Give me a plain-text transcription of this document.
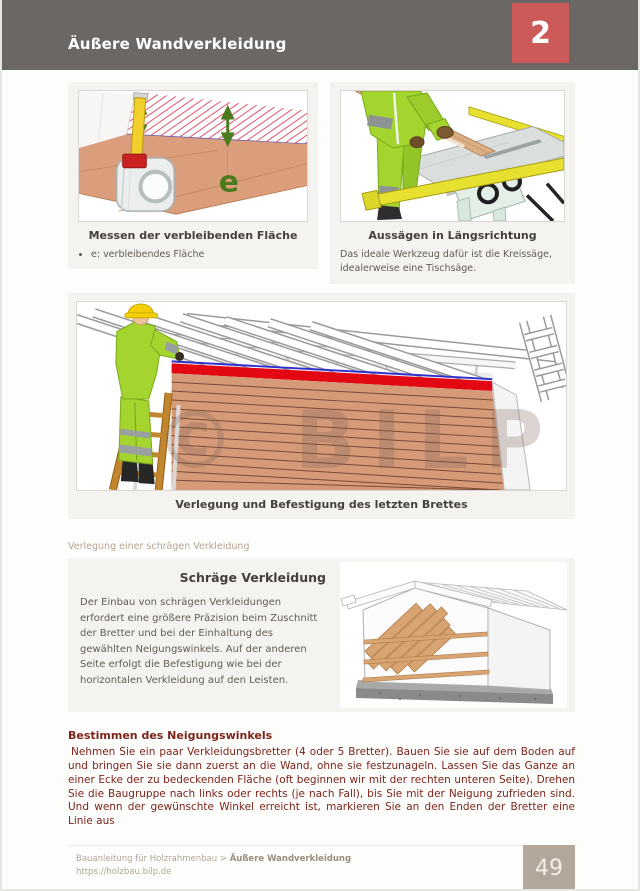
Äußere Wandverkleidung	2
e
Messen der verbleibenden Fläche
• e: verbleibendes Fläche
Aussägen in Längsrichtung

Das ideale Werkzeug dafür ist die Kreissäge, idealerweise eine Tischsäge.

© BILP
Verlegung und Befestigung des letzten Brettes

Verlegung einer schrägen Verkleidung

Schräge Verkleidung

Der Einbau von schrägen Verkleidungen erfordert eine größere Präzision beim Zuschnitt der Bretter und bei der Einhaltung des gewählten Neigungswinkels. Auf der anderen Seite erfolgt die Befestigung wie bei der horizontalen Verkleidung auf den Leisten.

Bestimmen des Neigungswinkels

Nehmen Sie ein paar Verkleidungsbretter (4 oder 5 Bretter). Bauen Sie sie auf dem Boden auf und bringen Sie sie dann zuerst an die Wand, ohne sie festzunageln. Lassen Sie das Ganze an einer Ecke der zu bedeckenden Fläche (oft beginnen wir mit der rechten unteren Seite). Drehen Sie die Baugruppe nach links oder rechts (je nach Fall), bis Sie mit der Neigung zufrieden sind. Und wenn der gewünschte Winkel erreicht ist, markieren Sie an den Enden der Bretter eine Linie aus

Bauanleitung für Holzrahmenbau > Äußere Wandverkleidung
https://holzbau.bilp.de	49
